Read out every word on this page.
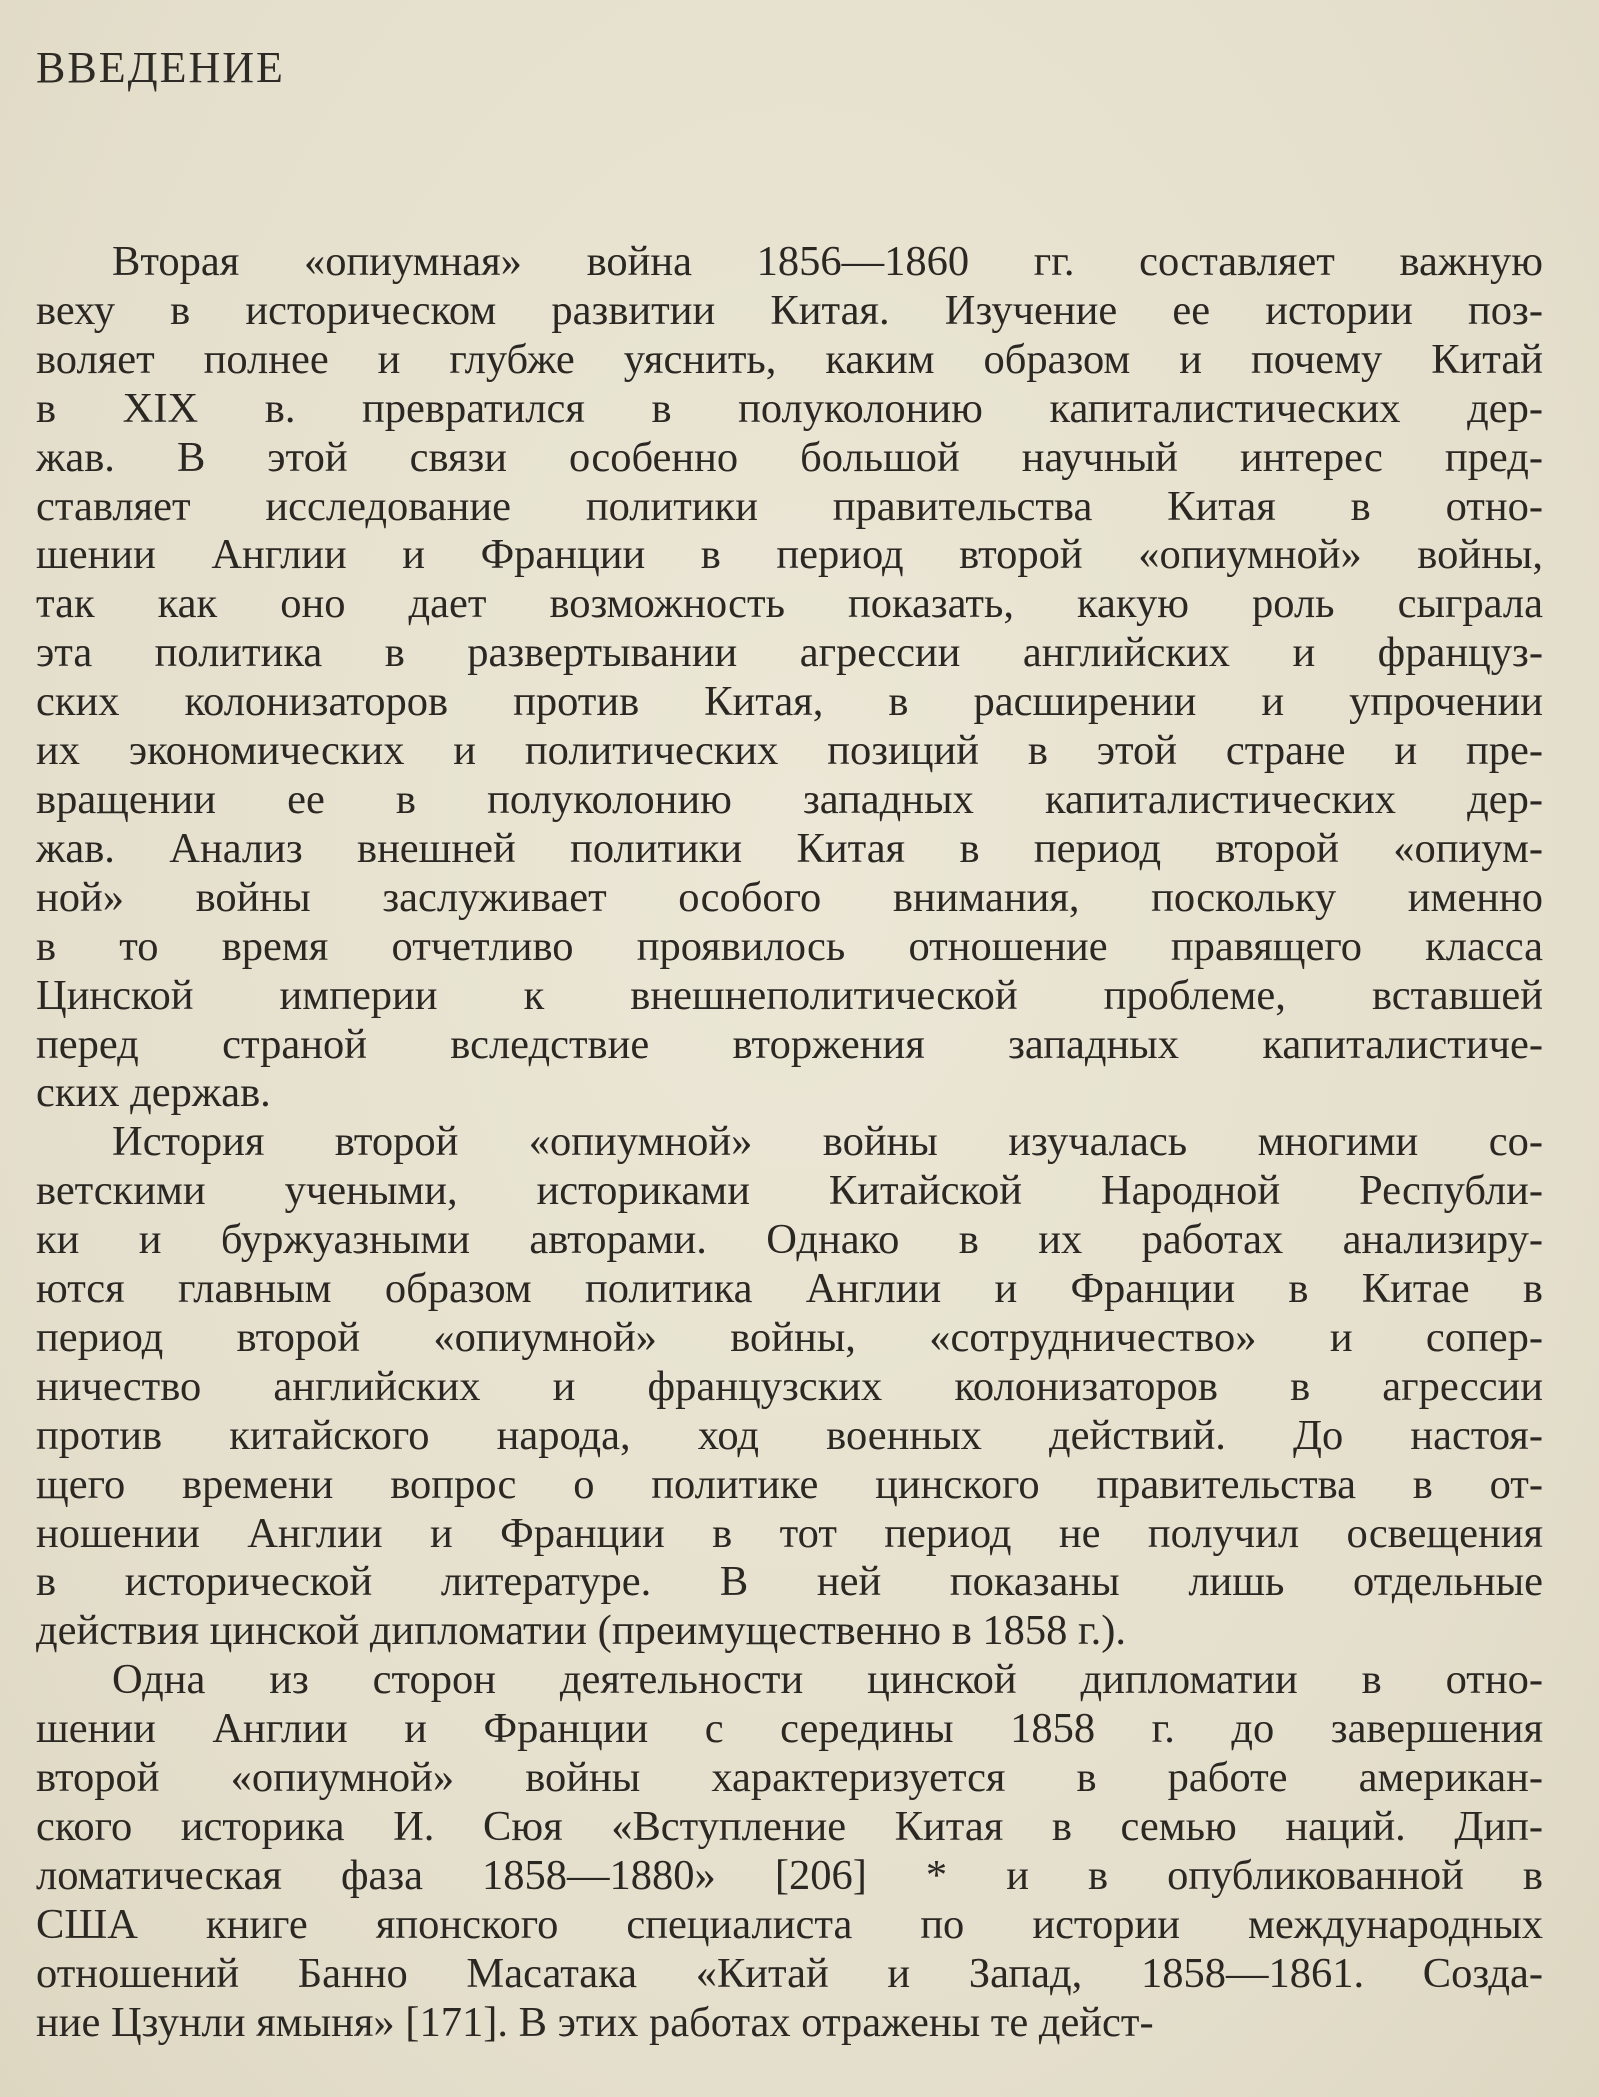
ВВЕДЕНИЕ
Вторая «опиумная» война 1856—1860 гг. составляет важную
веху в историческом развитии Китая. Изучение ее истории поз-
воляет полнее и глубже уяснить, каким образом и почему Китай
в XIX в. превратился в полуколонию капиталистических дер-
жав. В этой связи особенно большой научный интерес пред-
ставляет исследование политики правительства Китая в отно-
шении Англии и Франции в период второй «опиумной» войны,
так как оно дает возможность показать, какую роль сыграла
эта политика в развертывании агрессии английских и француз-
ских колонизаторов против Китая, в расширении и упрочении
их экономических и политических позиций в этой стране и пре-
вращении ее в полуколонию западных капиталистических дер-
жав. Анализ внешней политики Китая в период второй «опиум-
ной» войны заслуживает особого внимания, поскольку именно
в то время отчетливо проявилось отношение правящего класса
Цинской империи к внешнеполитической проблеме, вставшей
перед страной вследствие вторжения западных капиталистиче-
ских держав.
История второй «опиумной» войны изучалась многими со-
ветскими учеными, историками Китайской Народной Республи-
ки и буржуазными авторами. Однако в их работах анализиру-
ются главным образом политика Англии и Франции в Китае в
период второй «опиумной» войны, «сотрудничество» и сопер-
ничество английских и французских колонизаторов в агрессии
против китайского народа, ход военных действий. До настоя-
щего времени вопрос о политике цинского правительства в от-
ношении Англии и Франции в тот период не получил освещения
в исторической литературе. В ней показаны лишь отдельные
действия цинской дипломатии (преимущественно в 1858 г.).
Одна из сторон деятельности цинской дипломатии в отно-
шении Англии и Франции с середины 1858 г. до завершения
второй «опиумной» войны характеризуется в работе американ-
ского историка И. Сюя «Вступление Китая в семью наций. Дип-
ломатическая фаза 1858—1880» [206] * и в опубликованной в
США книге японского специалиста по истории международных
отношений Банно Масатака «Китай и Запад, 1858—1861. Созда-
ние Цзунли ямыня» [171]. В этих работах отражены те дейст-
